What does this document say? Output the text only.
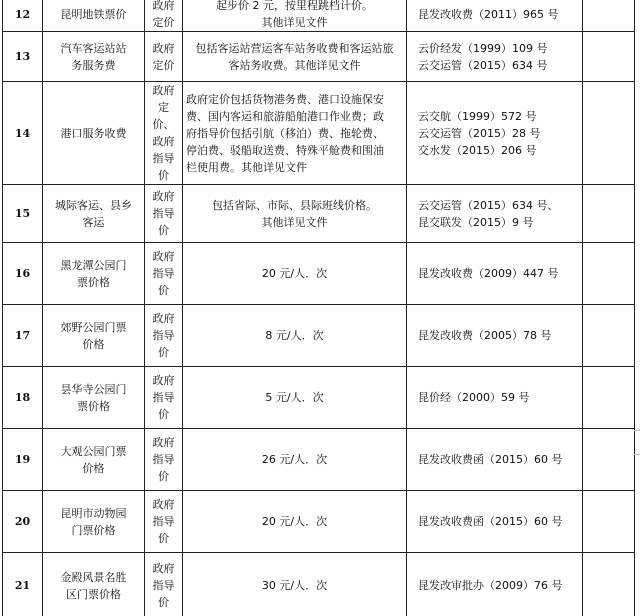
12	昆明地铁票价	政府
定价	起步价 2 元，按里程跳档计价。
其他详见文件	昆发改收费（2011）965 号	

13	汽车客运站站
务服务费	政府
定价	包括客运站营运客车站务收费和客运站旅
客站务收费。其他详见文件	云价经发（1999）109 号
云交运管（2015）634 号	

14	港口服务收费	政府
定价、
政府
指导
价	政府定价包括货物港务费、港口设施保安
费、国内客运和旅游船舶港口作业费；政
府指导价包括引航（移泊）费、拖轮费、
停泊费、驳船取送费、特殊平舱费和围油
栏使用费。其他详见文件	云交航（1999）572 号
云交运管（2015）28 号
交水发（2015）206 号	

15	城际客运、县乡
客运	政府
指导
价	包括省际、市际、县际班线价格。
其他详见文件	云交运管（2015）634 号、
昆交联发（2015）9 号	

16	黑龙潭公园门
票价格	政府
指导
价	20 元/人．次	昆发改收费（2009）447 号	

17	郊野公园门票
价格	政府
指导
价	8 元/人．次	昆发改收费（2005）78 号	

18	昙华寺公园门
票价格	政府
指导
价	5 元/人．次	昆价经（2000）59 号	

19	大观公园门票
价格	政府
指导
价	26 元/人．次	昆发改收费函（2015）60 号	

20	昆明市动物园
门票价格	政府
指导
价	20 元/人．次	昆发改收费函（2015）60 号	

21	金殿风景名胜
区门票价格	政府
指导
价	30 元/人．次	昆发改审批办（2009）76 号	
